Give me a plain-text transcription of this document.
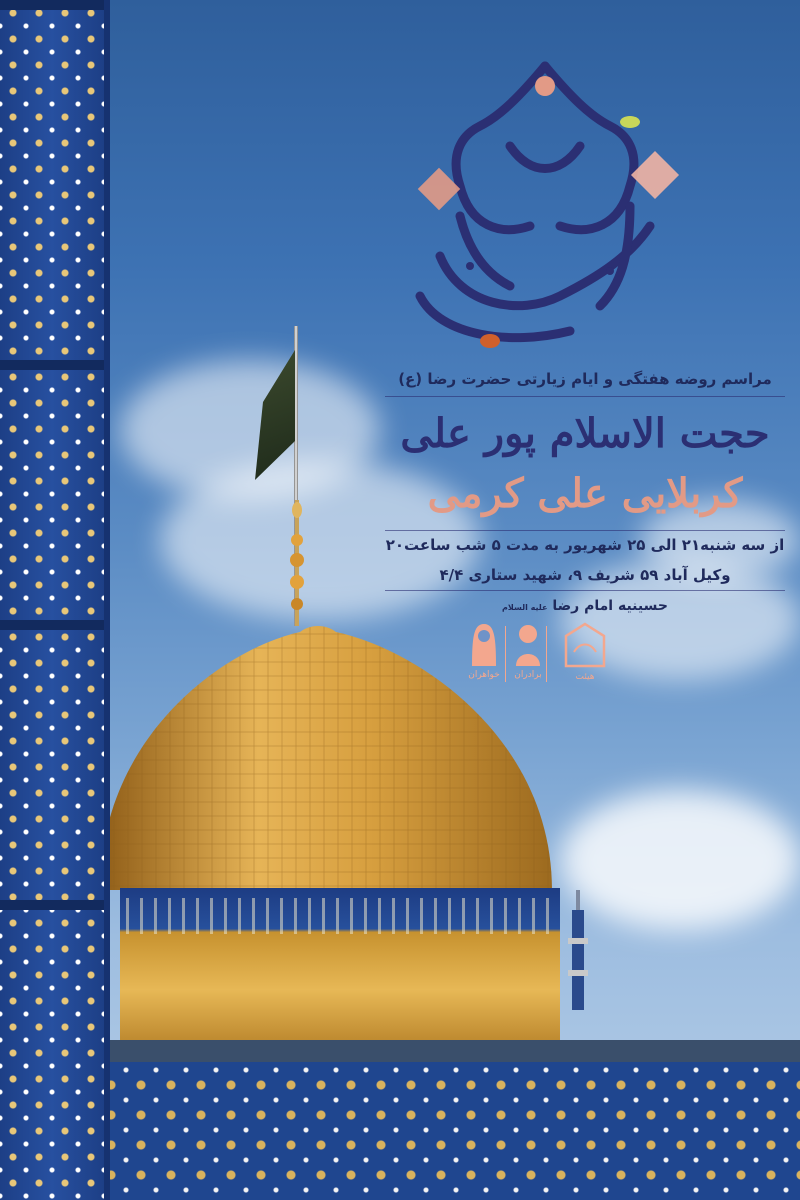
مراسم روضه هفتگی و ایام زیارتی حضرت رضا (ع)
حجت الاسلام پور علی
کربلایی علی کرمی
از سه شنبه۲۱ الی ۲۵ شهریور به مدت ۵ شب ساعت۲۰
وکیل آباد ۵۹ شریف ۹، شهید ستاری ۴/۴
حسینیه امام رضا علیه السلام
هیئت
برادران
خواهران
